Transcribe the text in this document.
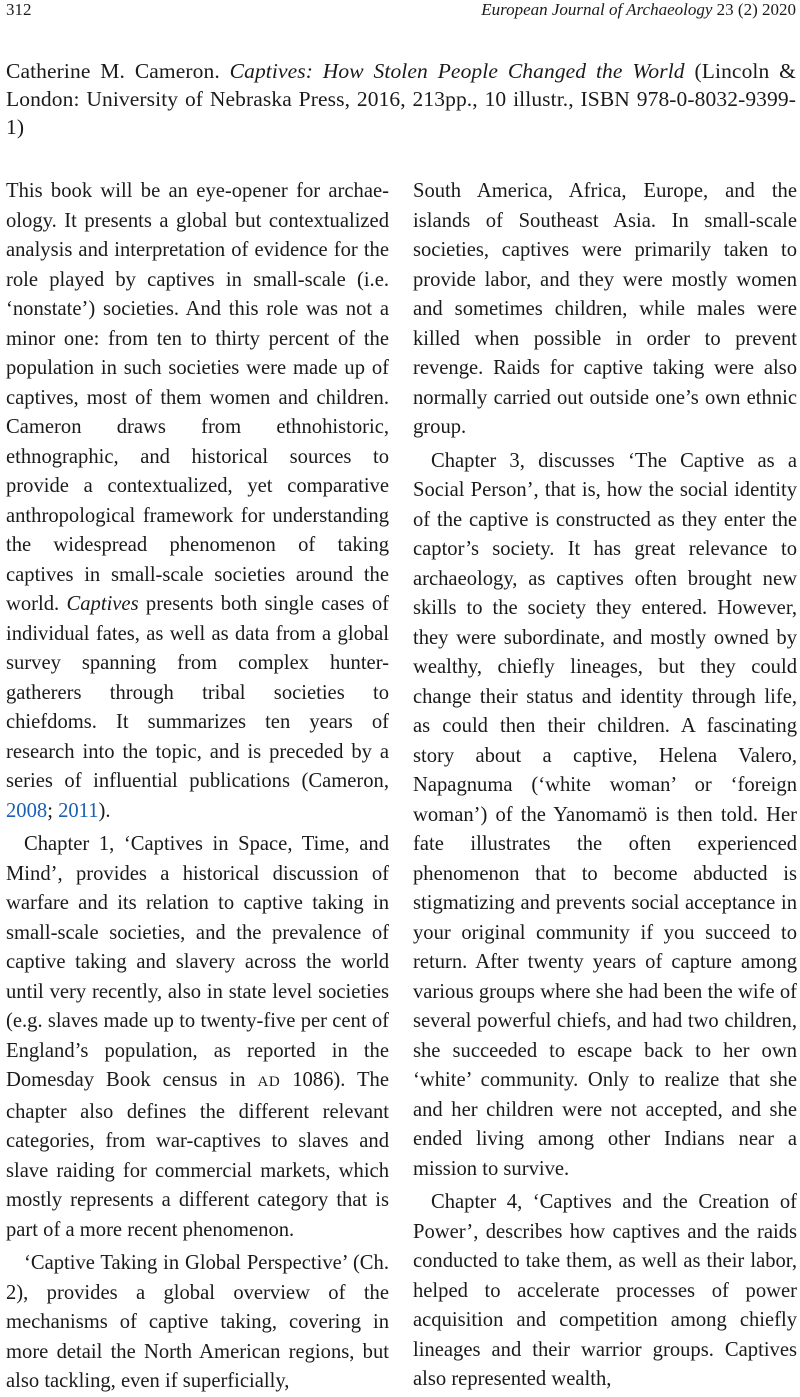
312	European Journal of Archaeology 23 (2) 2020
Catherine M. Cameron. Captives: How Stolen People Changed the World (Lincoln & London: University of Nebraska Press, 2016, 213pp., 10 illustr., ISBN 978-0-8032-9399-1)

This book will be an eye-opener for archaeology. It presents a global but contextualized analysis and interpretation of evidence for the role played by captives in small-scale (i.e. ‘nonstate’) societies. And this role was not a minor one: from ten to thirty percent of the population in such societies were made up of captives, most of them women and children. Cameron draws from ethnohistoric, ethnographic, and historical sources to provide a contextualized, yet comparative anthropological framework for understanding the widespread phenomenon of taking captives in small-scale societies around the world. Captives presents both single cases of individual fates, as well as data from a global survey spanning from complex hunter-gatherers through tribal societies to chiefdoms. It summarizes ten years of research into the topic, and is preceded by a series of influential publications (Cameron, 2008; 2011).

Chapter 1, ‘Captives in Space, Time, and Mind’, provides a historical discussion of warfare and its relation to captive taking in small-scale societies, and the prevalence of captive taking and slavery across the world until very recently, also in state level societies (e.g. slaves made up to twenty-five per cent of England’s population, as reported in the Domesday Book census in AD 1086). The chapter also defines the different relevant categories, from war-captives to slaves and slave raiding for commercial markets, which mostly represents a different category that is part of a more recent phenomenon.

‘Captive Taking in Global Perspective’ (Ch. 2), provides a global overview of the mechanisms of captive taking, covering in more detail the North American regions, but also tackling, even if superficially,

South America, Africa, Europe, and the islands of Southeast Asia. In small-scale societies, captives were primarily taken to provide labor, and they were mostly women and sometimes children, while males were killed when possible in order to prevent revenge. Raids for captive taking were also normally carried out outside one’s own ethnic group.

Chapter 3, discusses ‘The Captive as a Social Person’, that is, how the social identity of the captive is constructed as they enter the captor’s society. It has great relevance to archaeology, as captives often brought new skills to the society they entered. However, they were subordinate, and mostly owned by wealthy, chiefly lineages, but they could change their status and identity through life, as could then their children. A fascinating story about a captive, Helena Valero, Napagnuma (‘white woman’ or ‘foreign woman’) of the Yanomamö is then told. Her fate illustrates the often experienced phenomenon that to become abducted is stigmatizing and prevents social acceptance in your original community if you succeed to return. After twenty years of capture among various groups where she had been the wife of several powerful chiefs, and had two children, she succeeded to escape back to her own ‘white’ community. Only to realize that she and her children were not accepted, and she ended living among other Indians near a mission to survive.

Chapter 4, ‘Captives and the Creation of Power’, describes how captives and the raids conducted to take them, as well as their labor, helped to accelerate processes of power acquisition and competition among chiefly lineages and their warrior groups. Captives also represented wealth,
